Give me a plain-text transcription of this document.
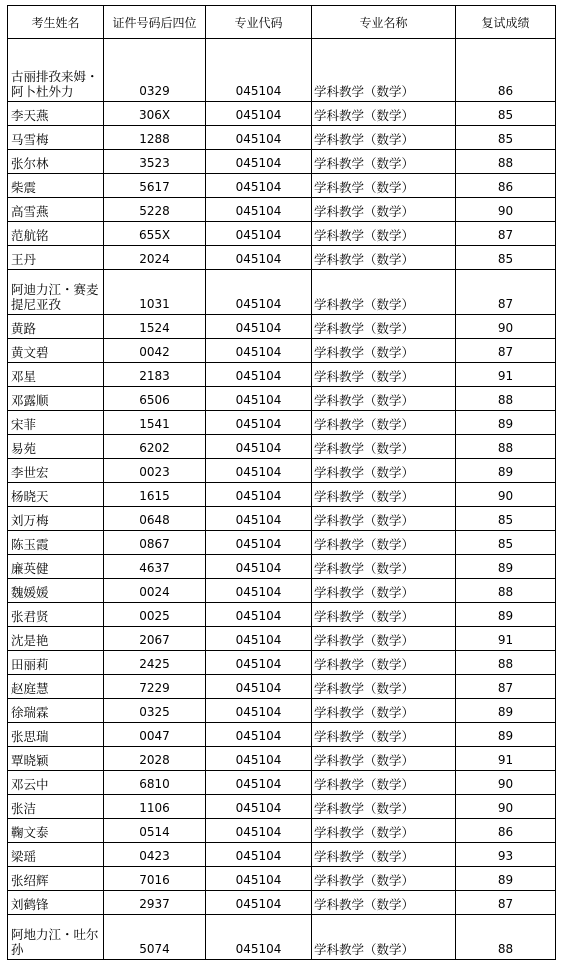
考生姓名	证件号码后四位	专业代码	专业名称	复试成绩
古丽排孜来姆・阿卜杜外力	0329	045104	学科教学（数学）	86
李天燕	306X	045104	学科教学（数学）	85
马雪梅	1288	045104	学科教学（数学）	85
张尔林	3523	045104	学科教学（数学）	88
柴震	5617	045104	学科教学（数学）	86
高雪燕	5228	045104	学科教学（数学）	90
范航铭	655X	045104	学科教学（数学）	87
王丹	2024	045104	学科教学（数学）	85
阿迪力江・赛麦提尼亚孜	1031	045104	学科教学（数学）	87
黄路	1524	045104	学科教学（数学）	90
黄文碧	0042	045104	学科教学（数学）	87
邓星	2183	045104	学科教学（数学）	91
邓露顺	6506	045104	学科教学（数学）	88
宋菲	1541	045104	学科教学（数学）	89
易苑	6202	045104	学科教学（数学）	88
李世宏	0023	045104	学科教学（数学）	89
杨晓天	1615	045104	学科教学（数学）	90
刘万梅	0648	045104	学科教学（数学）	85
陈玉霞	0867	045104	学科教学（数学）	85
廉英健	4637	045104	学科教学（数学）	89
魏媛媛	0024	045104	学科教学（数学）	88
张君贤	0025	045104	学科教学（数学）	89
沈是艳	2067	045104	学科教学（数学）	91
田丽莉	2425	045104	学科教学（数学）	88
赵庭慧	7229	045104	学科教学（数学）	87
徐瑞霖	0325	045104	学科教学（数学）	89
张思瑞	0047	045104	学科教学（数学）	89
覃晓颖	2028	045104	学科教学（数学）	91
邓云中	6810	045104	学科教学（数学）	90
张洁	1106	045104	学科教学（数学）	90
鞠文泰	0514	045104	学科教学（数学）	86
梁瑶	0423	045104	学科教学（数学）	93
张绍辉	7016	045104	学科教学（数学）	89
刘鹤锋	2937	045104	学科教学（数学）	87
阿地力江・吐尔孙	5074	045104	学科教学（数学）	88
